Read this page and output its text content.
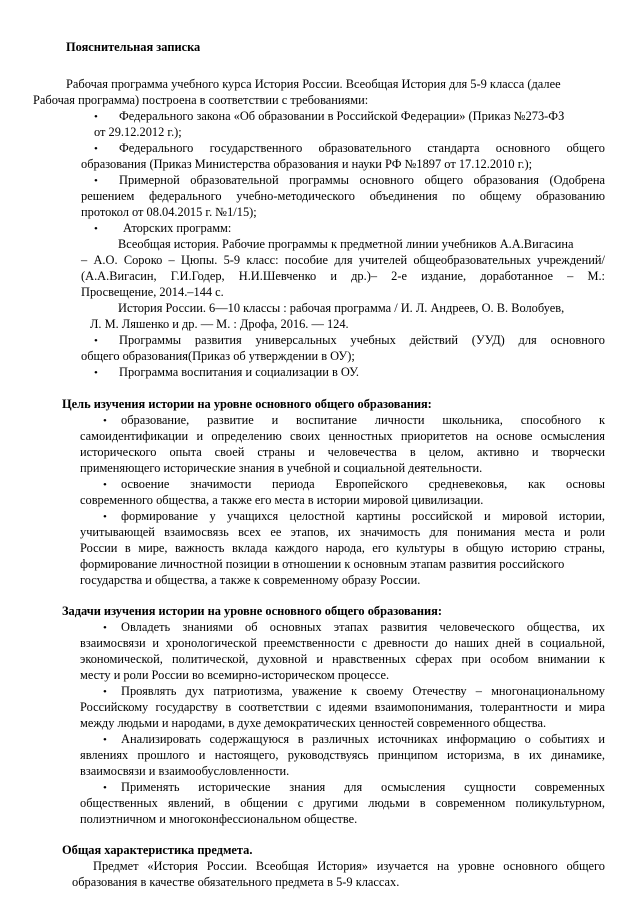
Пояснительная записка
Рабочая программа учебного курса История России. Всеобщая История для 5-9 класса (далее
Рабочая программа) построена в соответствии с требованиями:
• Федерального закона «Об образовании в Российской Федерации» (Приказ №273-ФЗ
от 29.12.2012 г.);
• Федерального государственного образовательного стандарта основного общего
образования (Приказ Министерства образования и науки РФ №1897 от 17.12.2010 г.);
• Примерной образовательной программы основного общего образования (Одобрена
решением федерального учебно-методического объединения по общему образованию
протокол от 08.04.2015 г. №1/15);
• Аторских программ:
Всеобщая история. Рабочие программы к предметной линии учебников А.А.Вигасина
– А.О. Сороко – Цюпы. 5-9 класс: пособие для учителей общеобразовательных учреждений/
(А.А.Вигасин, Г.И.Годер, Н.И.Шевченко и др.)– 2-е издание, доработанное – М.:
Просвещение, 2014.–144 с.
История России. 6—10 классы : рабочая программа / И. Л. Андреев, О. В. Волобуев,
Л. М. Ляшенко и др. — М. : Дрофа, 2016. — 124.
• Программы развития универсальных учебных действий (УУД) для основного
общего образования(Приказ об утверждении в ОУ);
• Программа воспитания и социализации в ОУ.
Цель изучения истории на уровне основного общего образования:
• образование, развитие и воспитание личности школьника, способного к
самоидентификации и определению своих ценностных приоритетов на основе осмысления
исторического опыта своей страны и человечества в целом, активно и творчески
применяющего исторические знания в учебной и социальной деятельности.
• освоение значимости периода Европейского средневековья, как основы
современного общества, а также его места в истории мировой цивилизации.
• формирование у учащихся целостной картины российской и мировой истории,
учитывающей взаимосвязь всех ее этапов, их значимость для понимания места и роли
России в мире, важность вклада каждого народа, его культуры в общую историю страны,
формирование личностной позиции в отношении к основным этапам развития российского
государства и общества, а также к современному образу России.
Задачи изучения истории на уровне основного общего образования:
• Овладеть знаниями об основных этапах развития человеческого общества, их
взаимосвязи и хронологической преемственности с древности до наших дней в социальной,
экономической, политической, духовной и нравственных сферах при особом внимании к
месту и роли России во всемирно-историческом процессе.
• Проявлять дух патриотизма, уважение к своему Отечеству – многонациональному
Российскому государству в соответствии с идеями взаимопонимания, толерантности и мира
между людьми и народами, в духе демократических ценностей современного общества.
• Анализировать содержащуюся в различных источниках информацию о событиях и
явлениях прошлого и настоящего, руководствуясь принципом историзма, в их динамике,
взаимосвязи и взаимообусловленности.
• Применять исторические знания для осмысления сущности современных
общественных явлений, в общении с другими людьми в современном поликультурном,
полиэтничном и многоконфессиональном обществе.
Общая характеристика предмета.
Предмет «История России. Всеобщая История» изучается на уровне основного общего
образования в качестве обязательного предмета в 5-9 классах.
